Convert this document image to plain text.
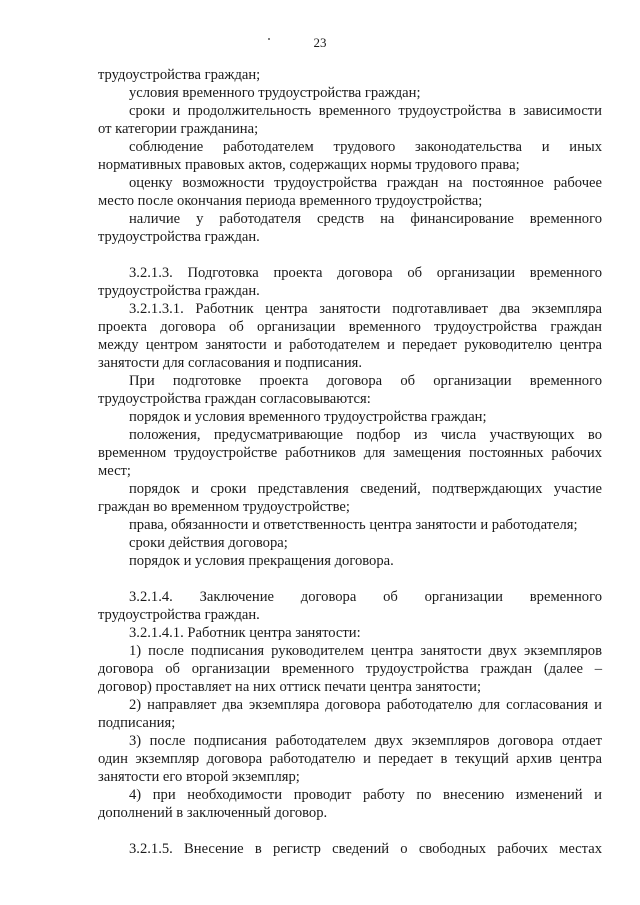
23
трудоустройства граждан;
условия временного трудоустройства граждан;
сроки и продолжительность временного трудоустройства в зависимости
от категории гражданина;
соблюдение работодателем трудового законодательства и иных
нормативных правовых актов, содержащих нормы трудового права;
оценку возможности трудоустройства граждан на постоянное рабочее
место после окончания периода временного трудоустройства;
наличие у работодателя средств на финансирование временного
трудоустройства граждан.
3.2.1.3. Подготовка проекта договора об организации временного
трудоустройства граждан.
3.2.1.3.1. Работник центра занятости подготавливает два экземпляра
проекта договора об организации временного трудоустройства граждан
между центром занятости и работодателем и передает руководителю центра
занятости для согласования и подписания.
При подготовке проекта договора об организации временного
трудоустройства граждан согласовываются:
порядок и условия временного трудоустройства граждан;
положения, предусматривающие подбор из числа участвующих во
временном трудоустройстве работников для замещения постоянных рабочих
мест;
порядок и сроки представления сведений, подтверждающих участие
граждан во временном трудоустройстве;
права, обязанности и ответственность центра занятости и работодателя;
сроки действия договора;
порядок и условия прекращения договора.
3.2.1.4. Заключение договора об организации временного
трудоустройства граждан.
3.2.1.4.1. Работник центра занятости:
1) после подписания руководителем центра занятости двух экземпляров
договора об организации временного трудоустройства граждан (далее –
договор) проставляет на них оттиск печати центра занятости;
2) направляет два экземпляра договора работодателю для согласования и
подписания;
3) после подписания работодателем двух экземпляров договора отдает
один экземпляр договора работодателю и передает в текущий архив центра
занятости его второй экземпляр;
4) при необходимости проводит работу по внесению изменений и
дополнений в заключенный договор.
3.2.1.5. Внесение в регистр сведений о свободных рабочих местах
